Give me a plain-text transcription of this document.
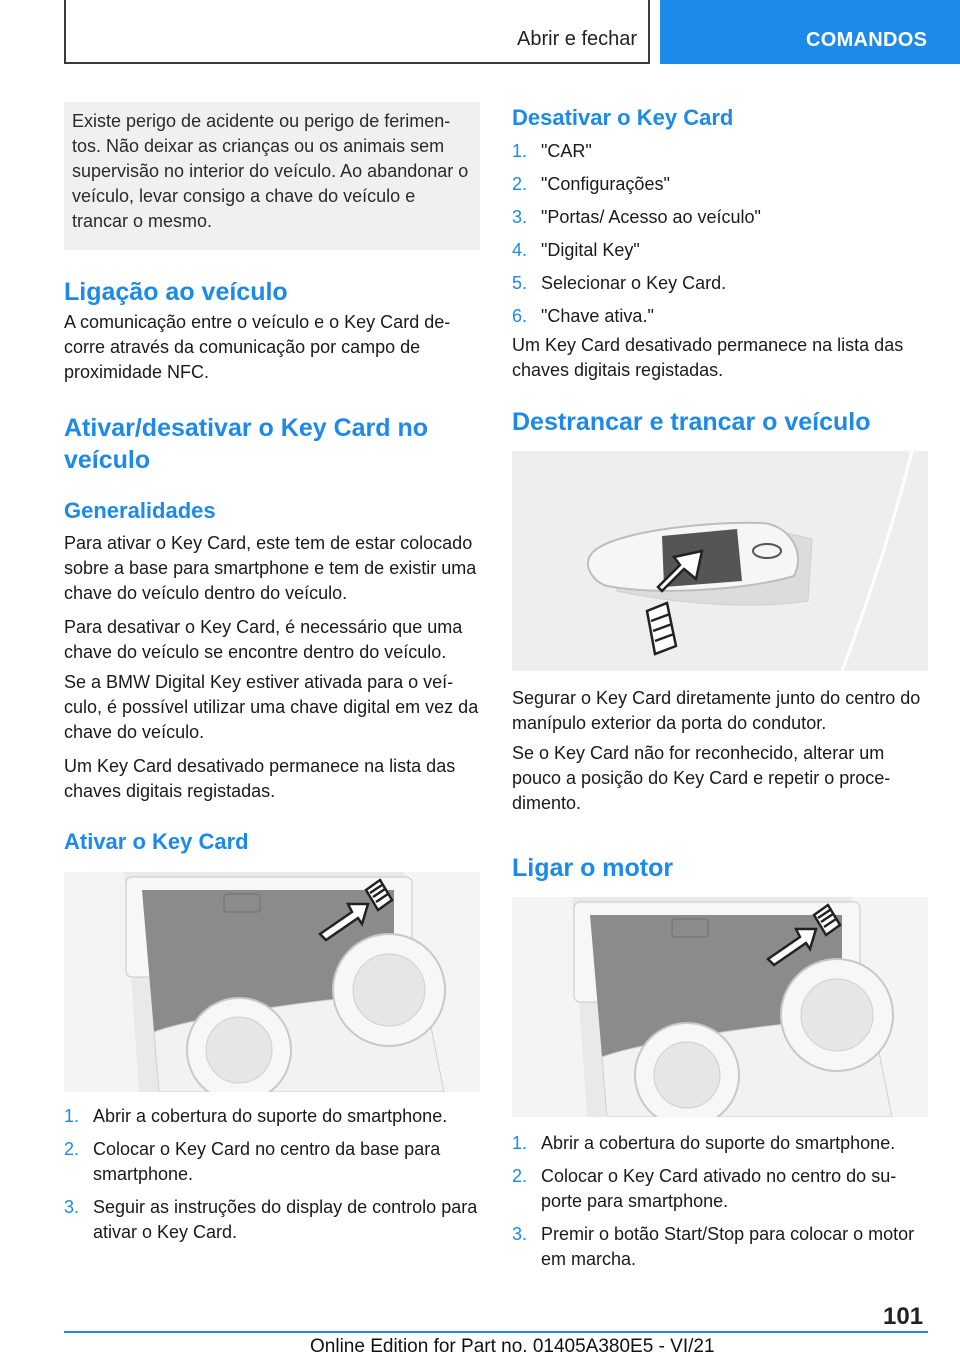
Abrir e fechar	COMANDOS
Existe perigo de acidente ou perigo de ferimentos. Não deixar as crianças ou os animais sem supervisão no interior do veículo. Ao abandonar o veículo, levar consigo a chave do veículo e trancar o mesmo.
Ligação ao veículo

A comunicação entre o veículo e o Key Card decorre através da comunicação por campo de proximidade NFC.

Ativar/desativar o Key Card no veículo
Generalidades

Para ativar o Key Card, este tem de estar colocado sobre a base para smartphone e tem de existir uma chave do veículo dentro do veículo.

Para desativar o Key Card, é necessário que uma chave do veículo se encontre dentro do veículo.

Se a BMW Digital Key estiver ativada para o veículo, é possível utilizar uma chave digital em vez da chave do veículo.

Um Key Card desativado permanece na lista das chaves digitais registadas.

Ativar o Key Card
1. Abrir a cobertura do suporte do smartphone.
2. Colocar o Key Card no centro da base para smartphone.
3. Seguir as instruções do display de controlo para ativar o Key Card.
Desativar o Key Card
1. "CAR"
2. "Configurações"
3. "Portas/ Acesso ao veículo"
4. "Digital Key"
5. Selecionar o Key Card.
6. "Chave ativa."

Um Key Card desativado permanece na lista das chaves digitais registadas.

Destrancar e trancar o veículo

Segurar o Key Card diretamente junto do centro do manípulo exterior da porta do condutor.

Se o Key Card não for reconhecido, alterar um pouco a posição do Key Card e repetir o procedimento.

Ligar o motor
1. Abrir a cobertura do suporte do smartphone.
2. Colocar o Key Card ativado no centro do suporte para smartphone.
3. Premir o botão Start/Stop para colocar o motor em marcha.
101
Online Edition for Part no. 01405A380E5 - VI/21
